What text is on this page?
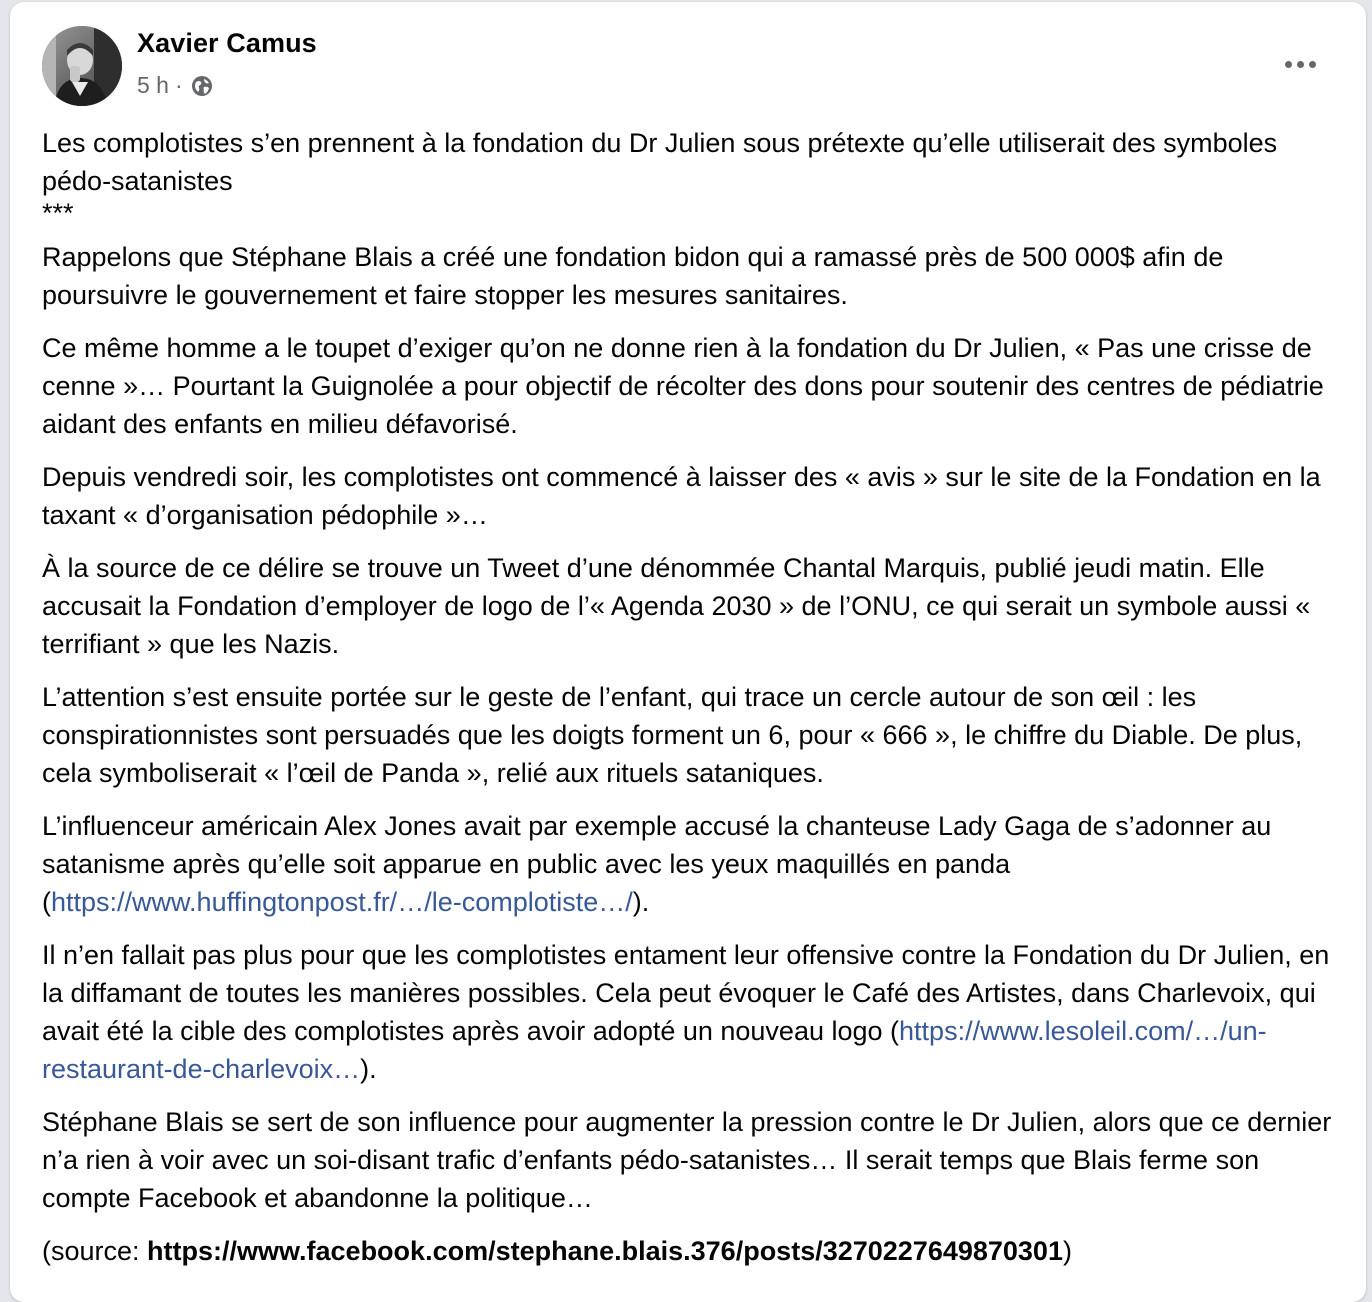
Xavier Camus
5 h ·

Les complotistes s’en prennent à la fondation du Dr Julien sous prétexte qu’elle utiliserait des symboles pédo-satanistes

***

Rappelons que Stéphane Blais a créé une fondation bidon qui a ramassé près de 500 000$ afin de poursuivre le gouvernement et faire stopper les mesures sanitaires.

Ce même homme a le toupet d’exiger qu’on ne donne rien à la fondation du Dr Julien, « Pas une crisse de cenne »… Pourtant la Guignolée a pour objectif de récolter des dons pour soutenir des centres de pédiatrie aidant des enfants en milieu défavorisé.

Depuis vendredi soir, les complotistes ont commencé à laisser des « avis » sur le site de la Fondation en la taxant « d’organisation pédophile »…

À la source de ce délire se trouve un Tweet d’une dénommée Chantal Marquis, publié jeudi matin. Elle accusait la Fondation d’employer de logo de l’« Agenda 2030 » de l’ONU, ce qui serait un symbole aussi « terrifiant » que les Nazis.

L’attention s’est ensuite portée sur le geste de l’enfant, qui trace un cercle autour de son œil : les conspirationnistes sont persuadés que les doigts forment un 6, pour « 666 », le chiffre du Diable. De plus, cela symboliserait « l’œil de Panda », relié aux rituels sataniques.

L’influenceur américain Alex Jones avait par exemple accusé la chanteuse Lady Gaga de s’adonner au satanisme après qu’elle soit apparue en public avec les yeux maquillés en panda (https://www.huffingtonpost.fr/…/le-complotiste…/).

Il n’en fallait pas plus pour que les complotistes entament leur offensive contre la Fondation du Dr Julien, en la diffamant de toutes les manières possibles. Cela peut évoquer le Café des Artistes, dans Charlevoix, qui avait été la cible des complotistes après avoir adopté un nouveau logo (https://www.lesoleil.com/…/un-restaurant-de-charlevoix…).

Stéphane Blais se sert de son influence pour augmenter la pression contre le Dr Julien, alors que ce dernier n’a rien à voir avec un soi-disant trafic d’enfants pédo-satanistes… Il serait temps que Blais ferme son compte Facebook et abandonne la politique…

(source: https://www.facebook.com/stephane.blais.376/posts/3270227649870301)
